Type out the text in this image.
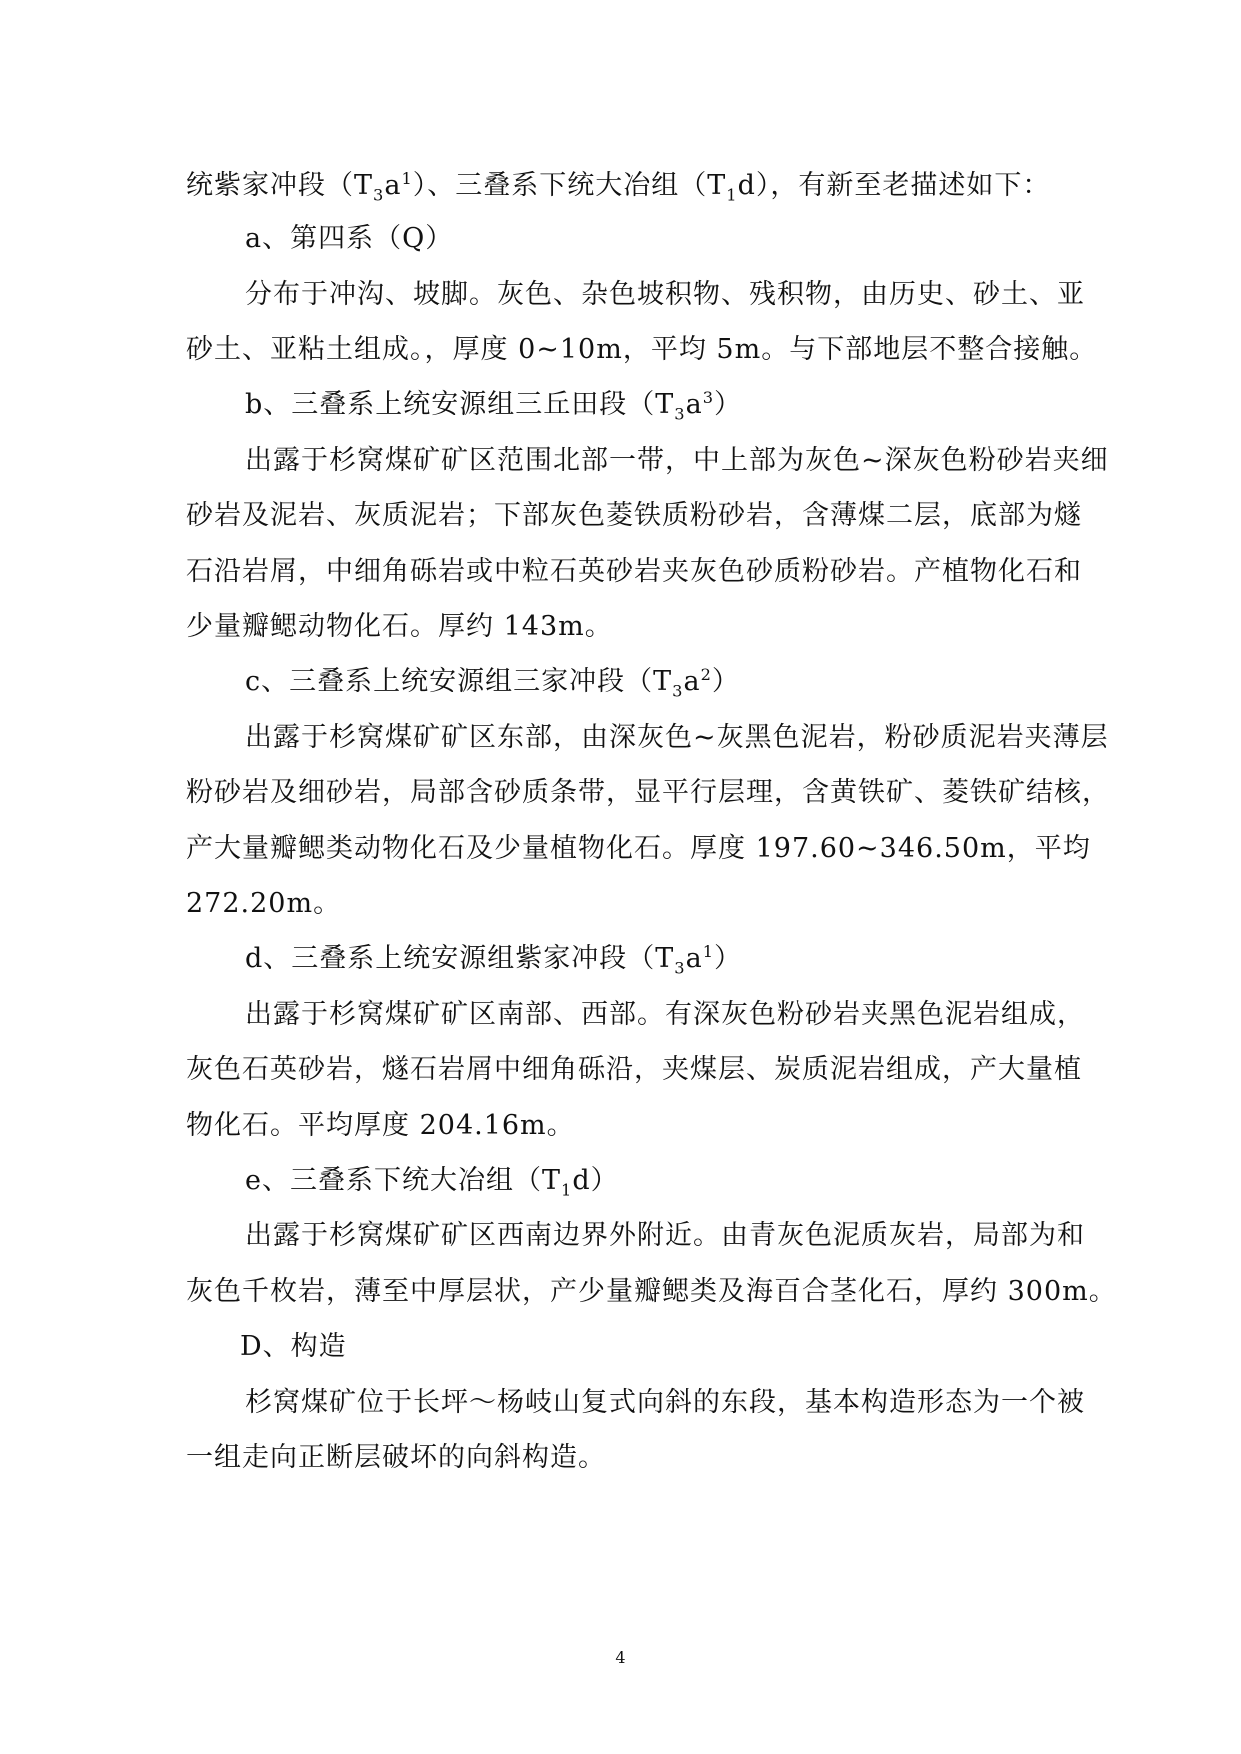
统紫家冲段$(T_3a^1)$、三叠系下统大冶组$(T_1d)$，有新至老描述如下：
a、第四系（Q）
分布于冲沟、坡脚。灰色、杂色坡积物、残积物，由历史、砂土、亚
砂土、亚粘土组成。，厚度 0~10m，平均 5m。与下部地层不整合接触。
b、三叠系上统安源组三丘田段$(T_3a^3)$
出露于杉窝煤矿矿区范围北部一带，中上部为灰色~深灰色粉砂岩夹细
砂岩及泥岩、灰质泥岩；下部灰色菱铁质粉砂岩，含薄煤二层，底部为燧
石沿岩屑，中细角砾岩或中粒石英砂岩夹灰色砂质粉砂岩。产植物化石和
少量瓣鳃动物化石。厚约 143m。
c、三叠系上统安源组三家冲段$(T_3a^2)$
出露于杉窝煤矿矿区东部，由深灰色~灰黑色泥岩，粉砂质泥岩夹薄层
粉砂岩及细砂岩，局部含砂质条带，显平行层理，含黄铁矿、菱铁矿结核，
产大量瓣鳃类动物化石及少量植物化石。厚度 197.60~346.50m，平均
272.20m。
d、三叠系上统安源组紫家冲段$(T_3a^1)$
出露于杉窝煤矿矿区南部、西部。有深灰色粉砂岩夹黑色泥岩组成，
灰色石英砂岩，燧石岩屑中细角砾沿，夹煤层、炭质泥岩组成，产大量植
物化石。平均厚度 204.16m。
e、三叠系下统大冶组$(T_1d)$
出露于杉窝煤矿矿区西南边界外附近。由青灰色泥质灰岩，局部为和
灰色千枚岩，薄至中厚层状，产少量瓣鳃类及海百合茎化石，厚约 300m。
D、构造
杉窝煤矿位于长坪～杨岐山复式向斜的东段，基本构造形态为一个被
一组走向正断层破坏的向斜构造。
4
